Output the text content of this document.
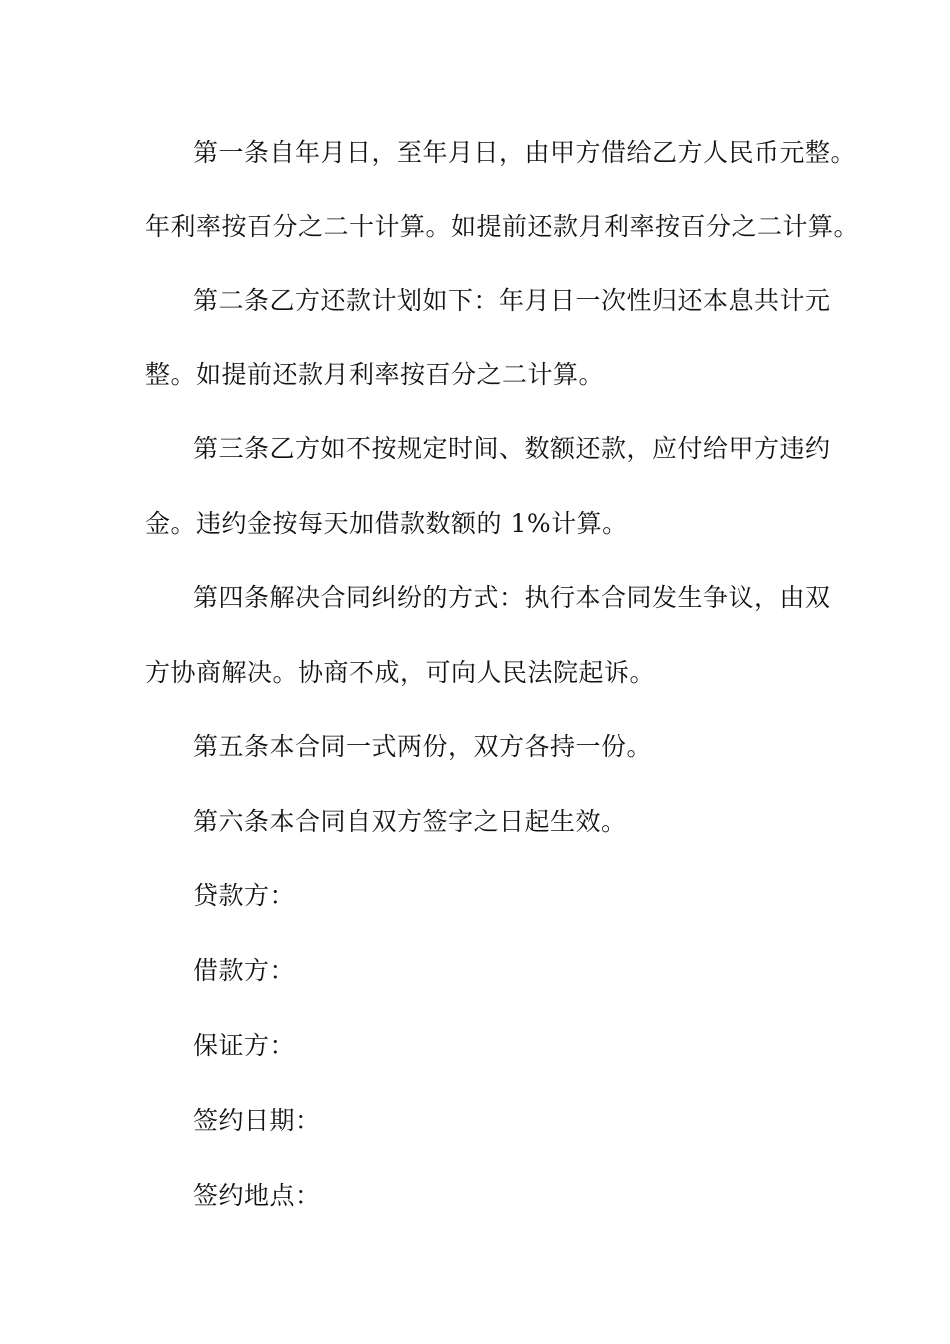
第一条自年月日，至年月日，由甲方借给乙方人民币元整。
年利率按百分之二十计算。如提前还款月利率按百分之二计算。
第二条乙方还款计划如下：年月日一次性归还本息共计元
整。如提前还款月利率按百分之二计算。
第三条乙方如不按规定时间、数额还款，应付给甲方违约
金。违约金按每天加借款数额的 1%计算。
第四条解决合同纠纷的方式：执行本合同发生争议，由双
方协商解决。协商不成，可向人民法院起诉。
第五条本合同一式两份，双方各持一份。
第六条本合同自双方签字之日起生效。
贷款方：
借款方：
保证方：
签约日期：
签约地点：
